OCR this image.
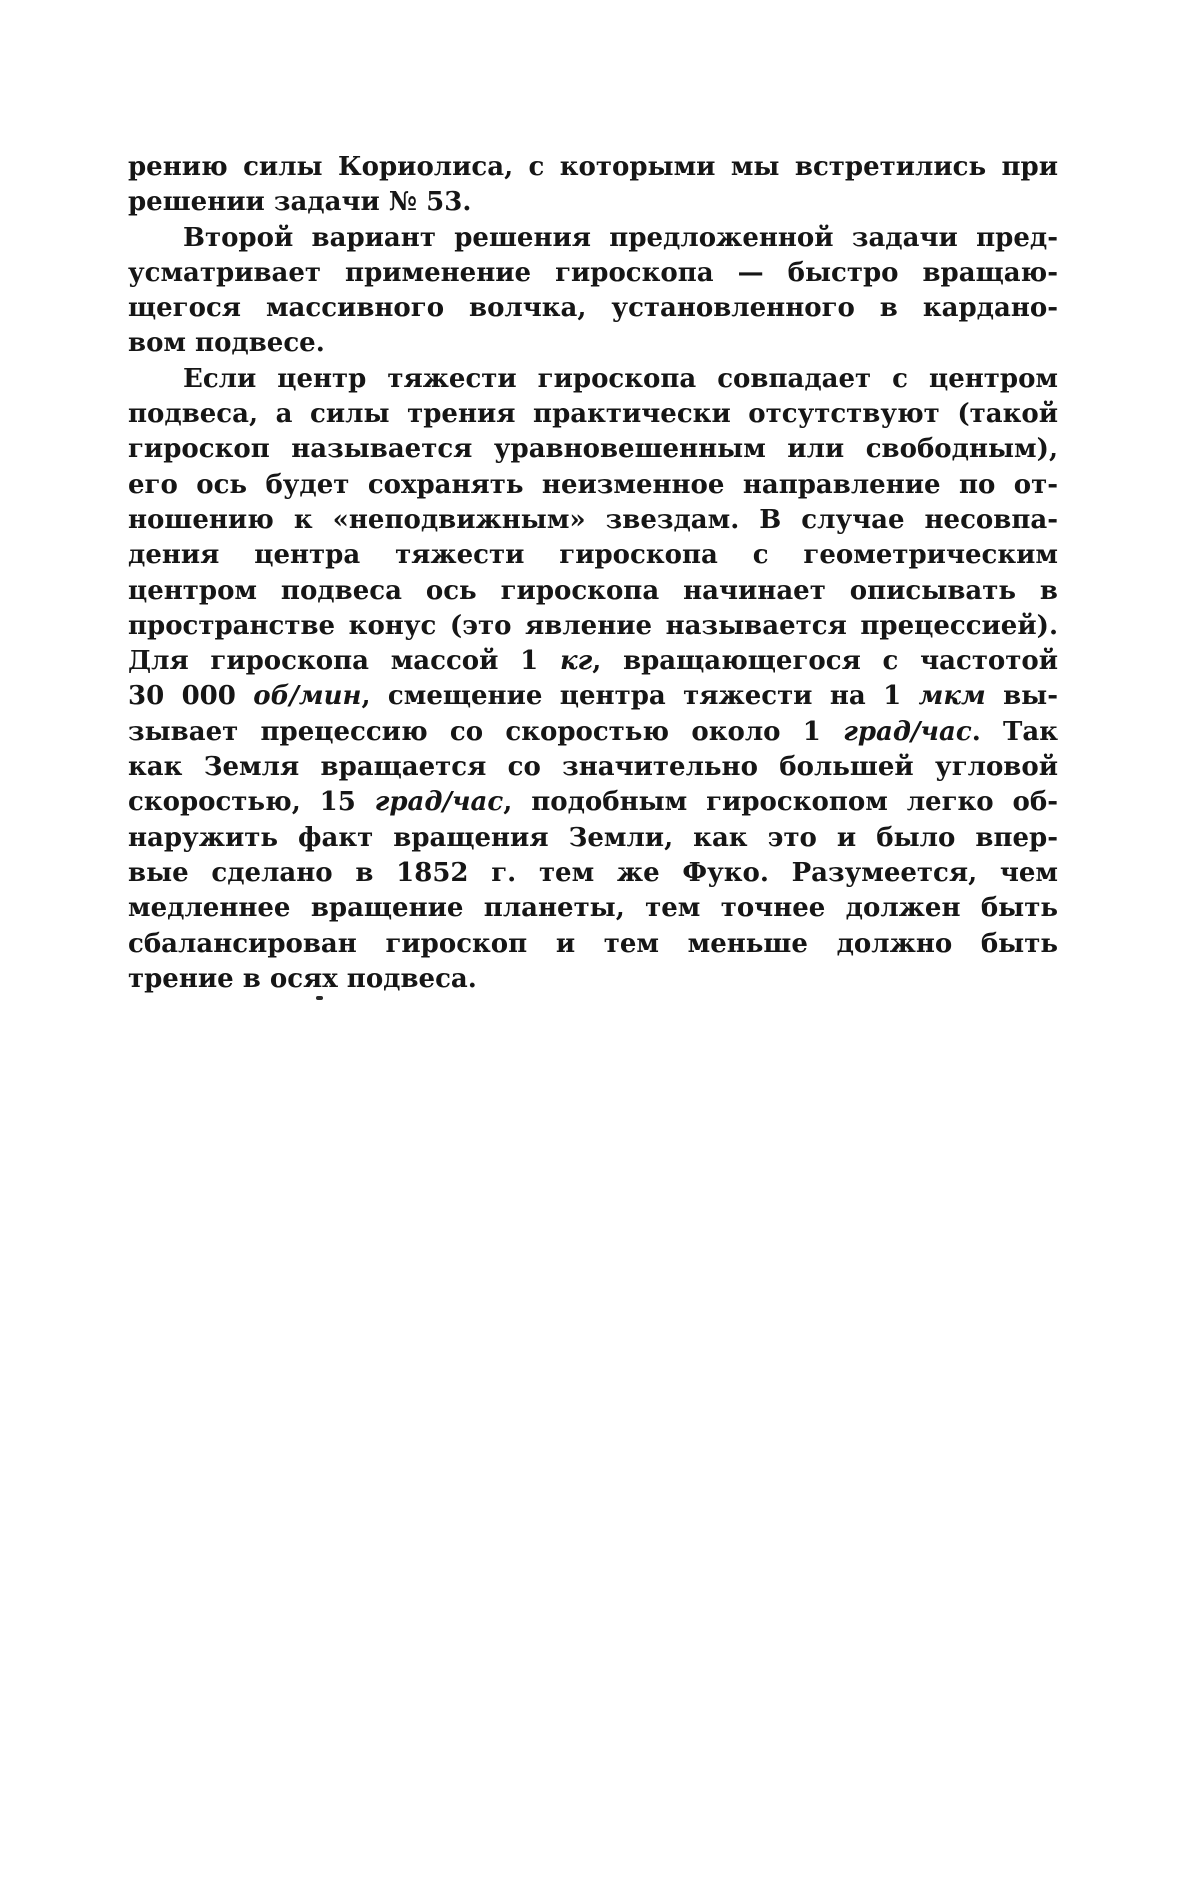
рению силы Кориолиса, с которыми мы встретились при
решении задачи № 53.
Второй вариант решения предложенной задачи пред-
усматривает применение гироскопа — быстро вращаю-
щегося массивного волчка, установленного в кардано-
вом подвесе.
Если центр тяжести гироскопа совпадает с центром
подвеса, а силы трения практически отсутствуют (такой
гироскоп называется уравновешенным или свободным),
его ось будет сохранять неизменное направление по от-
ношению к «неподвижным» звездам. В случае несовпа-
дения центра тяжести гироскопа с геометрическим
центром подвеса ось гироскопа начинает описывать в
пространстве конус (это явление называется прецессией).
Для гироскопа массой 1 кг, вращающегося с частотой
30 000 об/мин, смещение центра тяжести на 1 мкм вы-
зывает прецессию со скоростью около 1 град/час. Так
как Земля вращается со значительно большей угловой
скоростью, 15 град/час, подобным гироскопом легко об-
наружить факт вращения Земли, как это и было впер-
вые сделано в 1852 г. тем же Фуко. Разумеется, чем
медленнее вращение планеты, тем точнее должен быть
сбалансирован гироскоп и тем меньше должно быть
трение в осях подвеса.
